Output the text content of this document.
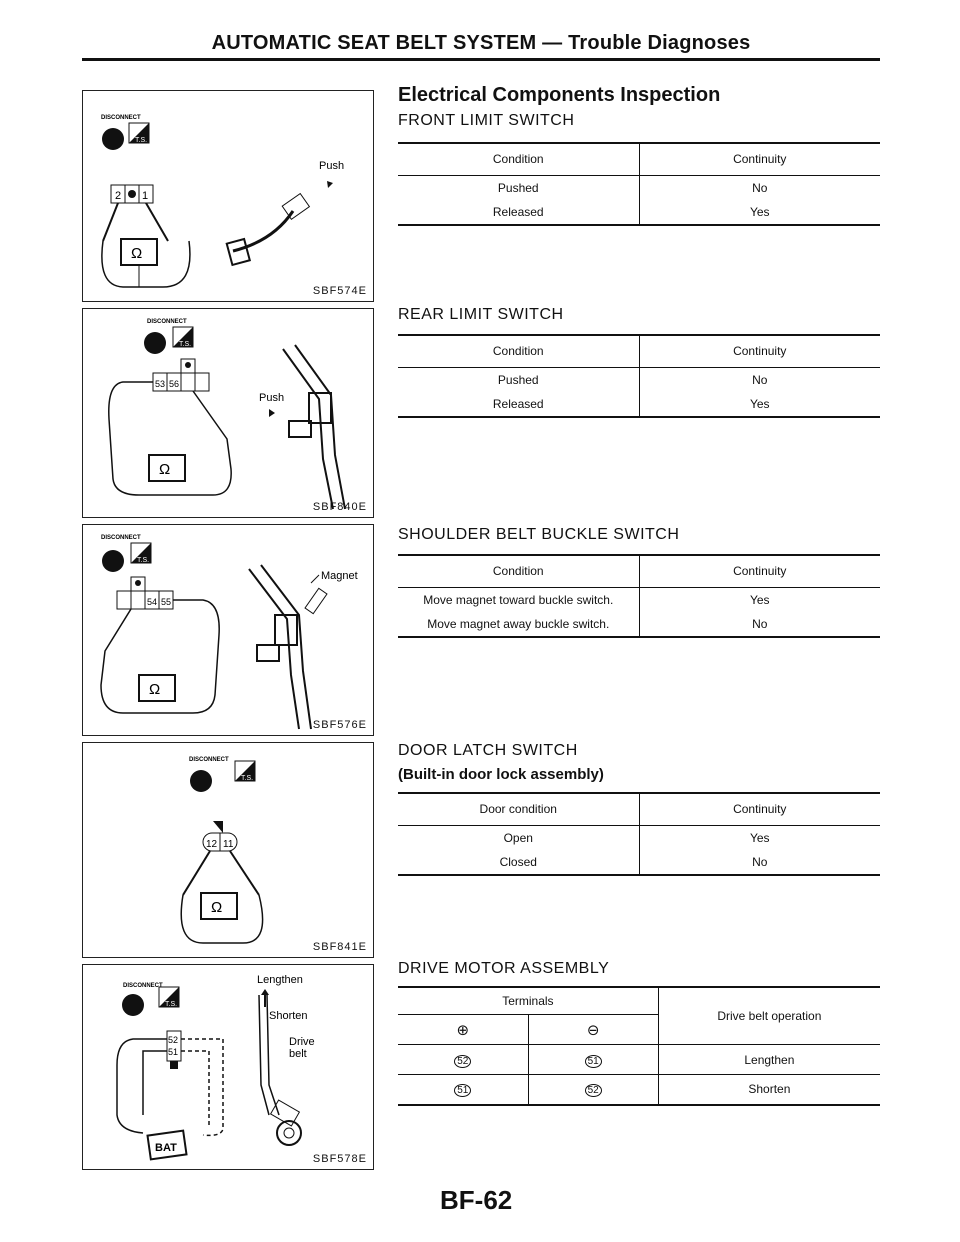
AUTOMATIC SEAT BELT SYSTEM — Trouble Diagnoses
DISCONNECT
T.S.
2 1
Ω
Push
SBF574E
DISCONNECT
T.S.
53 56
Ω
Push
SBF840E
DISCONNECT
T.S.
54 55
Ω
Magnet
SBF576E
DISCONNECT
T.S.
12 11
Ω
SBF841E
DISCONNECT
T.S.
52
51
BAT
Lengthen
Shorten
Drive
belt
SBF578E
Electrical Components Inspection
FRONT LIMIT SWITCH
Condition	Continuity
Pushed	No
Released	Yes
REAR LIMIT SWITCH
Condition	Continuity
Pushed	No
Released	Yes
SHOULDER BELT BUCKLE SWITCH
Condition	Continuity
Move magnet toward buckle switch.	Yes
Move magnet away buckle switch.	No
DOOR LATCH SWITCH
(Built-in door lock assembly)
Door condition	Continuity
Open	Yes
Closed	No
DRIVE MOTOR ASSEMBLY
Terminals		Drive belt operation
⊕	⊖	
52	51	Lengthen
51	52	Shorten
BF-62
